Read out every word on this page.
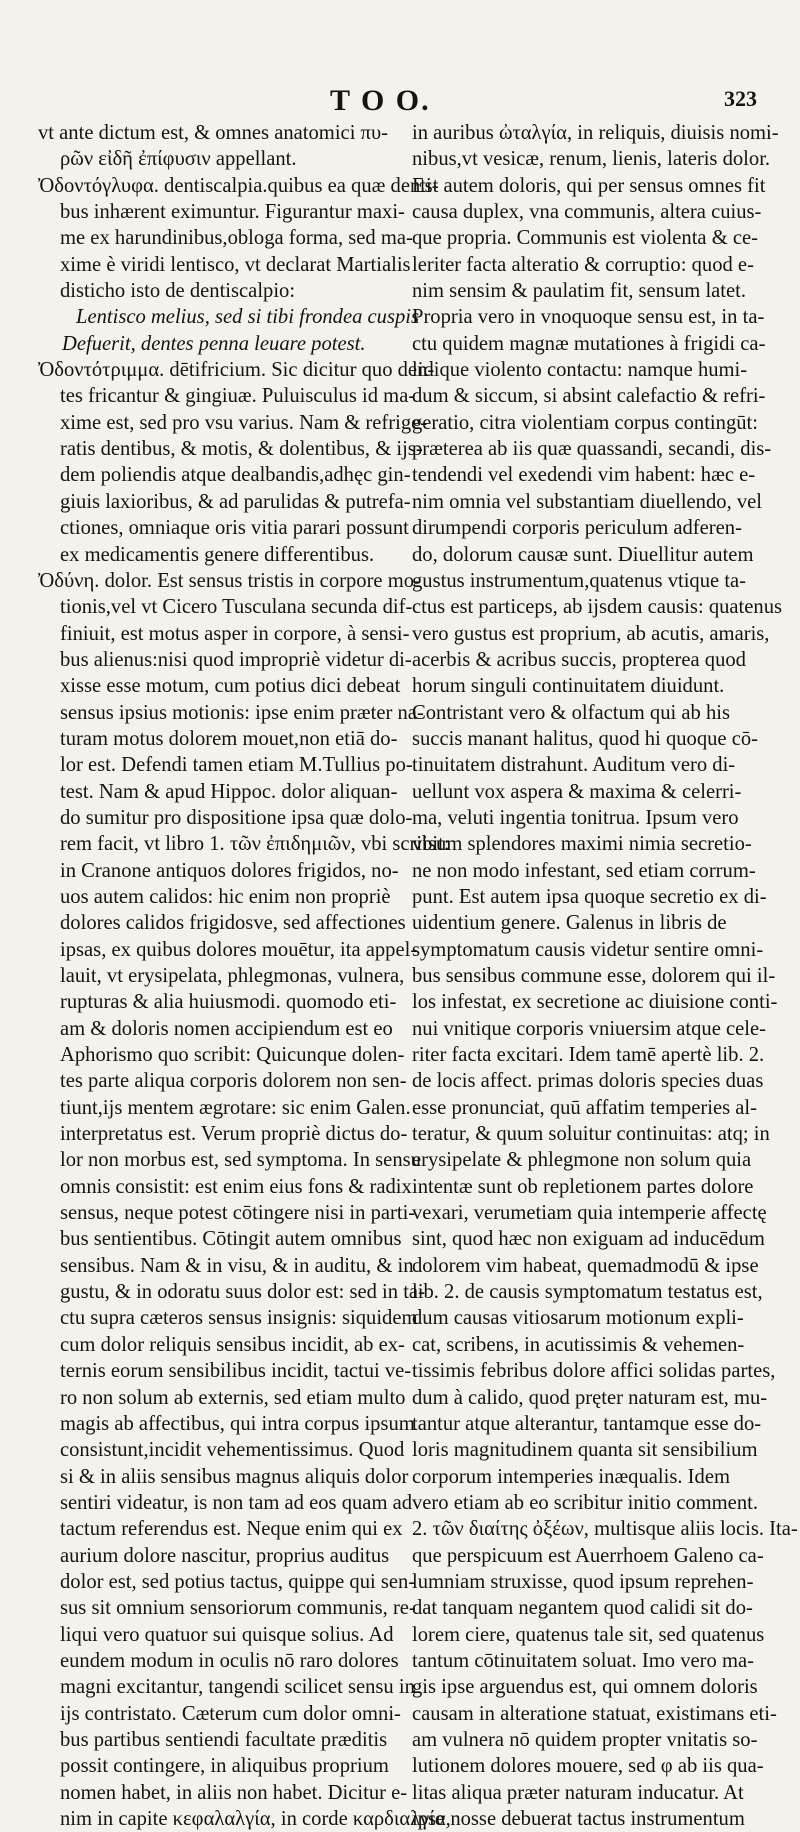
T O O.	323
vt ante dictum est, & omnes anatomici πυ-
ρῶν εἰδῆ ἐπίφυσιν appellant.
Ὀδοντόγλυφα. dentiscalpia.quibus ea quæ denti-
bus inhærent eximuntur. Figurantur maxi-
me ex harundinibus,obloga forma, sed ma-
xime è viridi lentisco, vt declarat Martialis
disticho isto de dentiscalpio:
Lentisco melius, sed si tibi frondea cuspis
Defuerit, dentes penna leuare potest.
Ὀδοντότριμμα. dētifricium. Sic dicitur quo den-
tes fricantur & gingiuæ. Puluisculus id ma-
xime est, sed pro vsu varius. Nam & refrige-
ratis dentibus, & motis, & dolentibus, & ijs-
dem poliendis atque dealbandis,adhęc gin-
giuis laxioribus, & ad parulidas & putrefa-
ctiones, omniaque oris vitia parari possunt
ex medicamentis genere differentibus.
Ὀδύνη. dolor. Est sensus tristis in corpore mo-
tionis,vel vt Cicero Tusculana secunda dif-
finiuit, est motus asper in corpore, à sensi-
bus alienus:nisi quod impropriè videtur di-
xisse esse motum, cum potius dici debeat
sensus ipsius motionis: ipse enim præter na-
turam motus dolorem mouet,non etiā do-
lor est. Defendi tamen etiam M.Tullius po-
test. Nam & apud Hippoc. dolor aliquan-
do sumitur pro dispositione ipsa quæ dolo-
rem facit, vt libro 1. τῶν ἐπιδημιῶν, vbi scribit:
in Cranone antiquos dolores frigidos, no-
uos autem calidos: hic enim non propriè
dolores calidos frigidosve, sed affectiones
ipsas, ex quibus dolores mouētur, ita appel-
lauit, vt erysipelata, phlegmonas, vulnera,
rupturas & alia huiusmodi. quomodo eti-
am & doloris nomen accipiendum est eo
Aphorismo quo scribit: Quicunque dolen-
tes parte aliqua corporis dolorem non sen-
tiunt,ijs mentem ægrotare: sic enim Galen.
interpretatus est. Verum propriè dictus do-
lor non morbus est, sed symptoma. In sensu
omnis consistit: est enim eius fons & radix
sensus, neque potest cōtingere nisi in parti-
bus sentientibus. Cōtingit autem omnibus
sensibus. Nam & in visu, & in auditu, & in
gustu, & in odoratu suus dolor est: sed in ta-
ctu supra cæteros sensus insignis: siquidem
cum dolor reliquis sensibus incidit, ab ex-
ternis eorum sensibilibus incidit, tactui ve-
ro non solum ab externis, sed etiam multo
magis ab affectibus, qui intra corpus ipsum
consistunt,incidit vehementissimus. Quod
si & in aliis sensibus magnus aliquis dolor
sentiri videatur, is non tam ad eos quam ad
tactum referendus est. Neque enim qui ex
aurium dolore nascitur, proprius auditus
dolor est, sed potius tactus, quippe qui sen-
sus sit omnium sensoriorum communis, re-
liqui vero quatuor sui quisque solius. Ad
eundem modum in oculis nō raro dolores
magni excitantur, tangendi scilicet sensu in
ijs contristato. Cæterum cum dolor omni-
bus partibus sentiendi facultate præditis
possit contingere, in aliquibus proprium
nomen habet, in aliis non habet. Dicitur e-
nim in capite κεφαλαλγία, in corde καρδιαλγία,
in auribus ὠταλγία, in reliquis, diuisis nomi-
nibus,vt vesicæ, renum, lienis, lateris dolor.
Est autem doloris, qui per sensus omnes fit
causa duplex, vna communis, altera cuius-
que propria. Communis est violenta & ce-
leriter facta alteratio & corruptio: quod e-
nim sensim & paulatim fit, sensum latet.
Propria vero in vnoquoque sensu est, in ta-
ctu quidem magnæ mutationes à frigidi ca-
lidique violento contactu: namque humi-
dum & siccum, si absint calefactio & refri-
geratio, citra violentiam corpus contingūt:
præterea ab iis quæ quassandi, secandi, dis-
tendendi vel exedendi vim habent: hæc e-
nim omnia vel substantiam diuellendo, vel
dirumpendi corporis periculum adferen-
do, dolorum causæ sunt. Diuellitur autem
gustus instrumentum,quatenus vtique ta-
ctus est particeps, ab ijsdem causis: quatenus
vero gustus est proprium, ab acutis, amaris,
acerbis & acribus succis, propterea quod
horum singuli continuitatem diuidunt.
Contristant vero & olfactum qui ab his
succis manant halitus, quod hi quoque cō-
tinuitatem distrahunt. Auditum vero di-
uellunt vox aspera & maxima & celerri-
ma, veluti ingentia tonitrua. Ipsum vero
visum splendores maximi nimia secretio-
ne non modo infestant, sed etiam corrum-
punt. Est autem ipsa quoque secretio ex di-
uidentium genere. Galenus in libris de
symptomatum causis videtur sentire omni-
bus sensibus commune esse, dolorem qui il-
los infestat, ex secretione ac diuisione conti-
nui vnitique corporis vniuersim atque cele-
riter facta excitari. Idem tamē apertè lib. 2.
de locis affect. primas doloris species duas
esse pronunciat, quū affatim temperies al-
teratur, & quum soluitur continuitas: atq; in
erysipelate & phlegmone non solum quia
intentæ sunt ob repletionem partes dolore
vexari, verumetiam quia intemperie affectę
sint, quod hæc non exiguam ad inducēdum
dolorem vim habeat, quemadmodū & ipse
lib. 2. de causis symptomatum testatus est,
dum causas vitiosarum motionum expli-
cat, scribens, in acutissimis & vehemen-
tissimis febribus dolore affici solidas partes,
dum à calido, quod pręter naturam est, mu-
tantur atque alterantur, tantamque esse do-
loris magnitudinem quanta sit sensibilium
corporum intemperies inæqualis. Idem
vero etiam ab eo scribitur initio comment.
2. τῶν διαίτης ὀξέων, multisque aliis locis. Ita-
que perspicuum est Auerrhoem Galeno ca-
lumniam struxisse, quod ipsum reprehen-
dat tanquam negantem quod calidi sit do-
lorem ciere, quatenus tale sit, sed quatenus
tantum cōtinuitatem soluat. Imo vero ma-
gis ipse arguendus est, qui omnem doloris
causam in alteratione statuat, existimans eti-
am vulnera nō quidem propter vnitatis so-
lutionem dolores mouere, sed φ ab iis qua-
litas aliqua præter naturam inducatur. At
ipse nosse debuerat tactus instrumentum
